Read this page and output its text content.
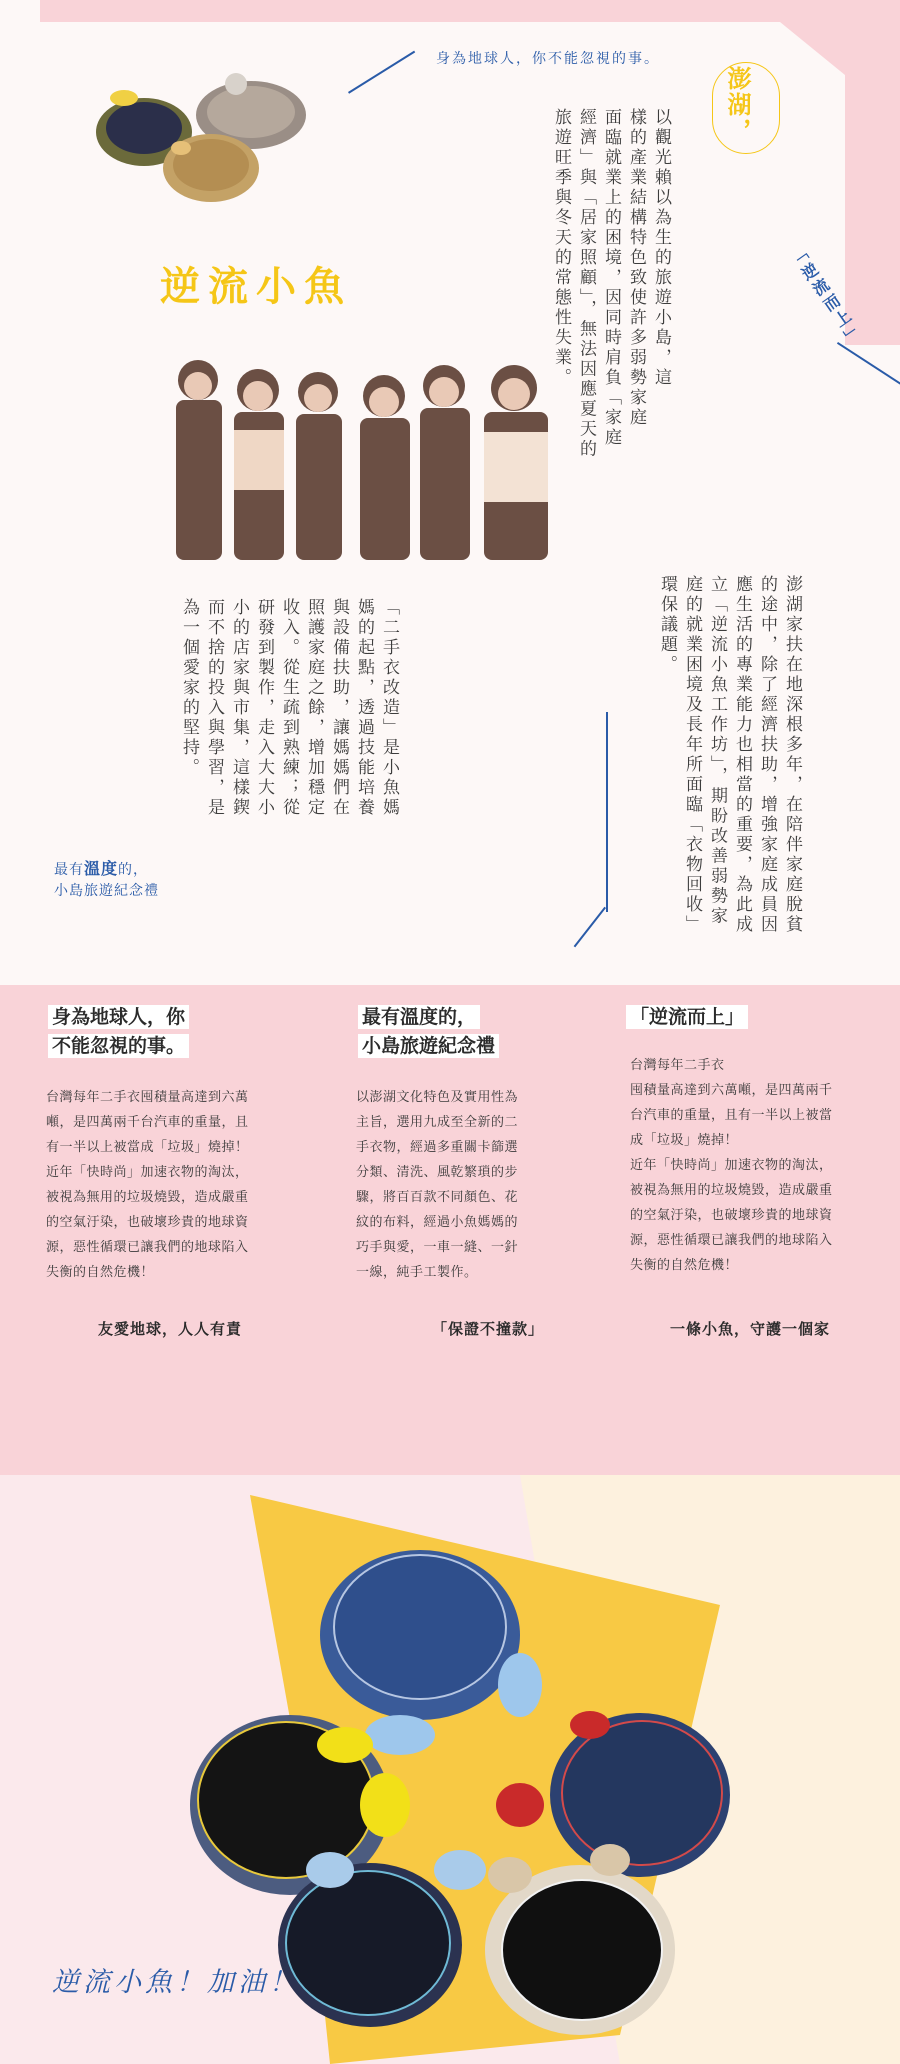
身為地球人，你不能忽視的事。
澎湖，
「逆流而上」
逆流小魚	以觀光賴以為生的旅遊小島，這
樣的產業結構特色致使許多弱勢家庭
面臨就業上的困境，因同時肩負「家庭
經濟」與「居家照顧」，無法因應夏天的
旅遊旺季與冬天的常態性失業。
澎湖家扶在地深根多年，在陪伴家庭脫貧
的途中，除了經濟扶助，增強家庭成員因
應生活的專業能力也相當的重要，為此成
立「逆流小魚工作坊」，期盼改善弱勢家
庭的就業困境及長年所面臨「衣物回收」
環保議題。
「二手衣改造」是小魚媽
媽的起點，透過技能培養
與設備扶助，讓媽媽們在
照護家庭之餘，增加穩定
收入。從生疏到熟練；從
研發到製作，走入大大小
小的店家與市集，這樣鍥
而不捨的投入與學習，是
為一個愛家的堅持。
最有溫度的，
小島旅遊紀念禮
身為地球人，你
不能忽視的事。
台灣每年二手衣囤積量高達到六萬
噸，是四萬兩千台汽車的重量，且
有一半以上被當成「垃圾」燒掉！
近年「快時尚」加速衣物的淘汰，
被視為無用的垃圾燒毀，造成嚴重
的空氣汙染，也破壞珍貴的地球資
源，惡性循環已讓我們的地球陷入
失衡的自然危機！
友愛地球，人人有責
最有溫度的，
小島旅遊紀念禮
以澎湖文化特色及實用性為
主旨，選用九成至全新的二
手衣物，經過多重關卡篩選
分類、清洗、風乾繁瑣的步
驟，將百百款不同顏色、花
紋的布料，經過小魚媽媽的
巧手與愛，一車一縫、一針
一線，純手工製作。
「保證不撞款」
「逆流而上」
台灣每年二手衣
囤積量高達到六萬噸，是四萬兩千
台汽車的重量，且有一半以上被當
成「垃圾」燒掉！
近年「快時尚」加速衣物的淘汰，
被視為無用的垃圾燒毀，造成嚴重
的空氣汙染，也破壞珍貴的地球資
源，惡性循環已讓我們的地球陷入
失衡的自然危機！
一條小魚，守護一個家
逆流小魚！加油！
